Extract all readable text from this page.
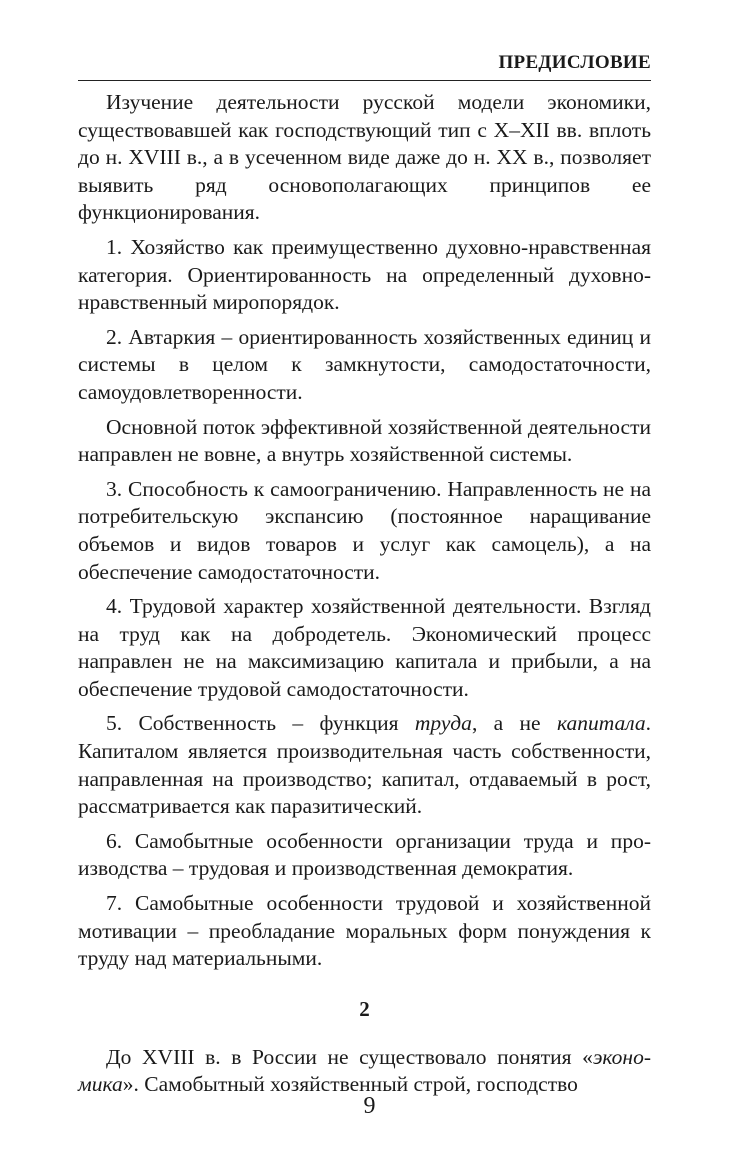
ПРЕДИСЛОВИЕ

Изучение деятельности русской модели экономики, существовавшей как господствующий тип с X–XII вв. вплоть до н. XVIII в., а в усеченном виде даже до н. XX в., позволяет выявить ряд основополагающих принципов ее функционирования.

1. Хозяйство как преимущественно духовно-нравственная категория. Ориентированность на определенный духовно-нравственный миропорядок.

2. Автаркия – ориентированность хозяйственных единиц и системы в целом к замкнутости, самодостаточности, самоудовлетворенности.

Основной поток эффективной хозяйственной деятельности направлен не вовне, а внутрь хозяйственной системы.

3. Способность к самоограничению. Направленность не на потребительскую экспансию (постоянное наращивание объемов и видов товаров и услуг как самоцель), а на обеспечение самодостаточности.

4. Трудовой характер хозяйственной деятельности. Взгляд на труд как на добродетель. Экономический процесс направлен не на максимизацию капитала и прибыли, а на обеспечение трудовой самодостаточности.

5. Собственность – функция труда, а не капитала. Капиталом является производительная часть собственности, направленная на производство; капитал, отдаваемый в рост, рассматривается как паразитический.

6. Самобытные особенности организации труда и производства – трудовая и производственная демократия.

7. Самобытные особенности трудовой и хозяйственной мотивации – преобладание моральных форм понуждения к труду над материальными.

2

До XVIII в. в России не существовало понятия «экономика». Самобытный хозяйственный строй, господство

9
